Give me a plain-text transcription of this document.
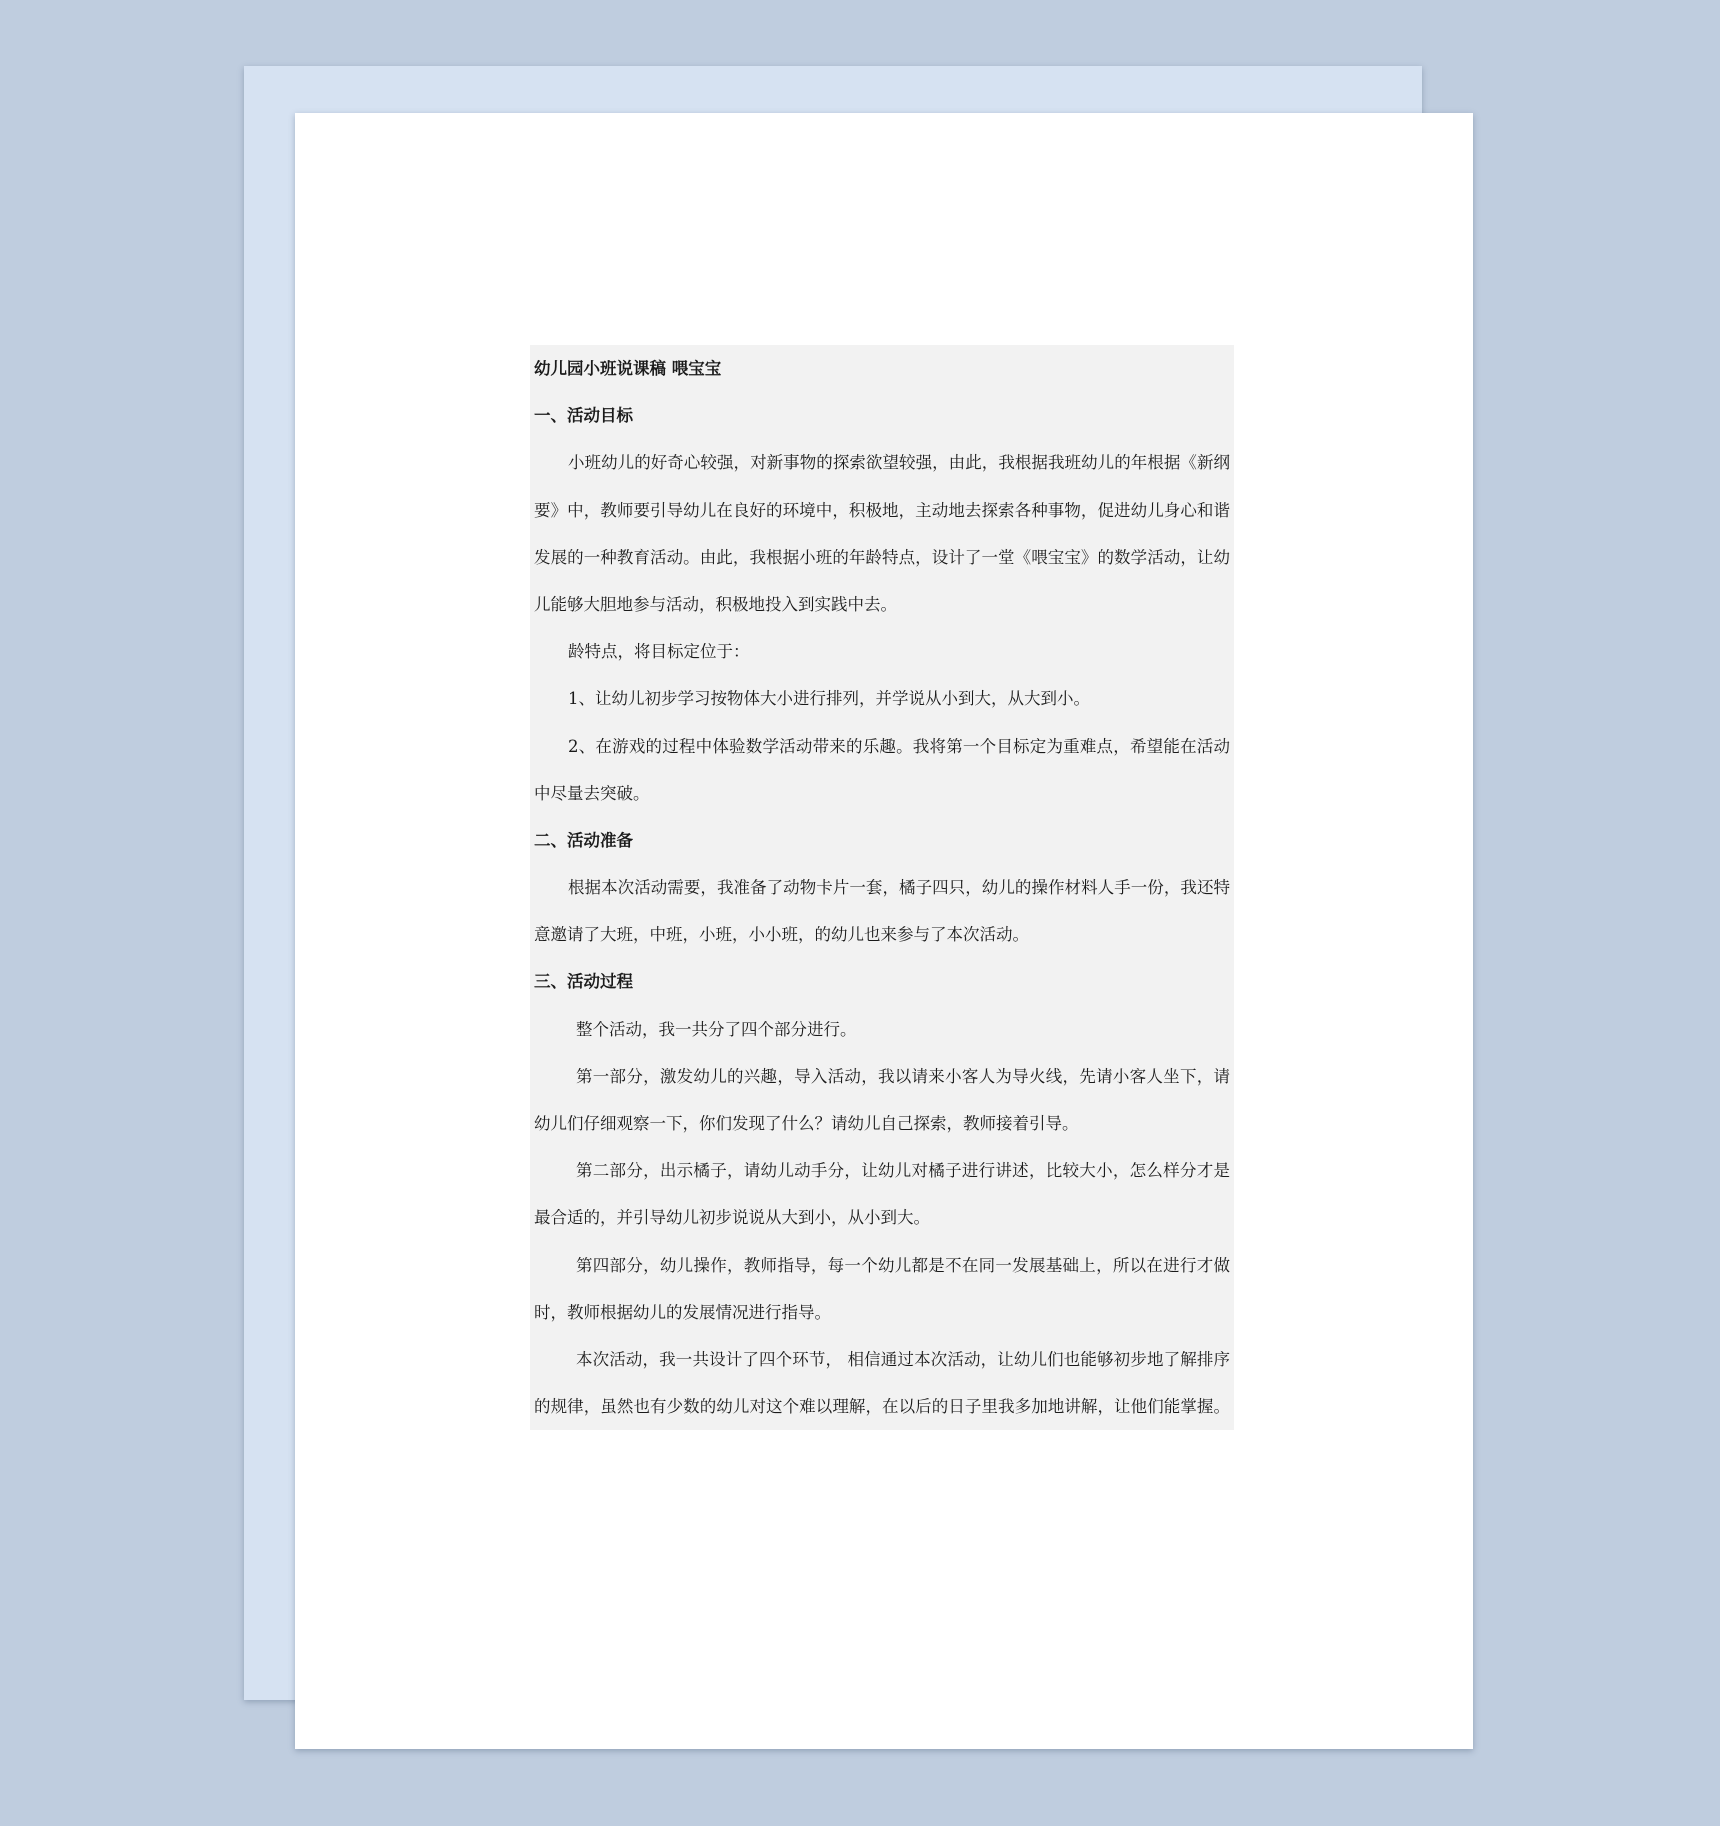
幼儿园小班说课稿 喂宝宝
一、活动目标
小班幼儿的好奇心较强，对新事物的探索欲望较强，由此，我根据我班幼儿的年根据《新纲
要》中，教师要引导幼儿在良好的环境中，积极地，主动地去探索各种事物，促进幼儿身心和谐
发展的一种教育活动。由此，我根据小班的年龄特点，设计了一堂《喂宝宝》的数学活动，让幼
儿能够大胆地参与活动，积极地投入到实践中去。
龄特点，将目标定位于：
1、让幼儿初步学习按物体大小进行排列，并学说从小到大，从大到小。
2、在游戏的过程中体验数学活动带来的乐趣。我将第一个目标定为重难点，希望能在活动
中尽量去突破。
二、活动准备
根据本次活动需要，我准备了动物卡片一套，橘子四只，幼儿的操作材料人手一份，我还特
意邀请了大班，中班，小班，小小班，的幼儿也来参与了本次活动。
三、活动过程
整个活动，我一共分了四个部分进行。
第一部分，激发幼儿的兴趣，导入活动，我以请来小客人为导火线，先请小客人坐下，请
幼儿们仔细观察一下，你们发现了什么？请幼儿自己探索，教师接着引导。
第二部分，出示橘子，请幼儿动手分，让幼儿对橘子进行讲述，比较大小，怎么样分才是
最合适的，并引导幼儿初步说说从大到小，从小到大。
第四部分，幼儿操作，教师指导，每一个幼儿都是不在同一发展基础上，所以在进行才做
时，教师根据幼儿的发展情况进行指导。
本次活动，我一共设计了四个环节， 相信通过本次活动，让幼儿们也能够初步地了解排序
的规律，虽然也有少数的幼儿对这个难以理解，在以后的日子里我多加地讲解，让他们能掌握。
